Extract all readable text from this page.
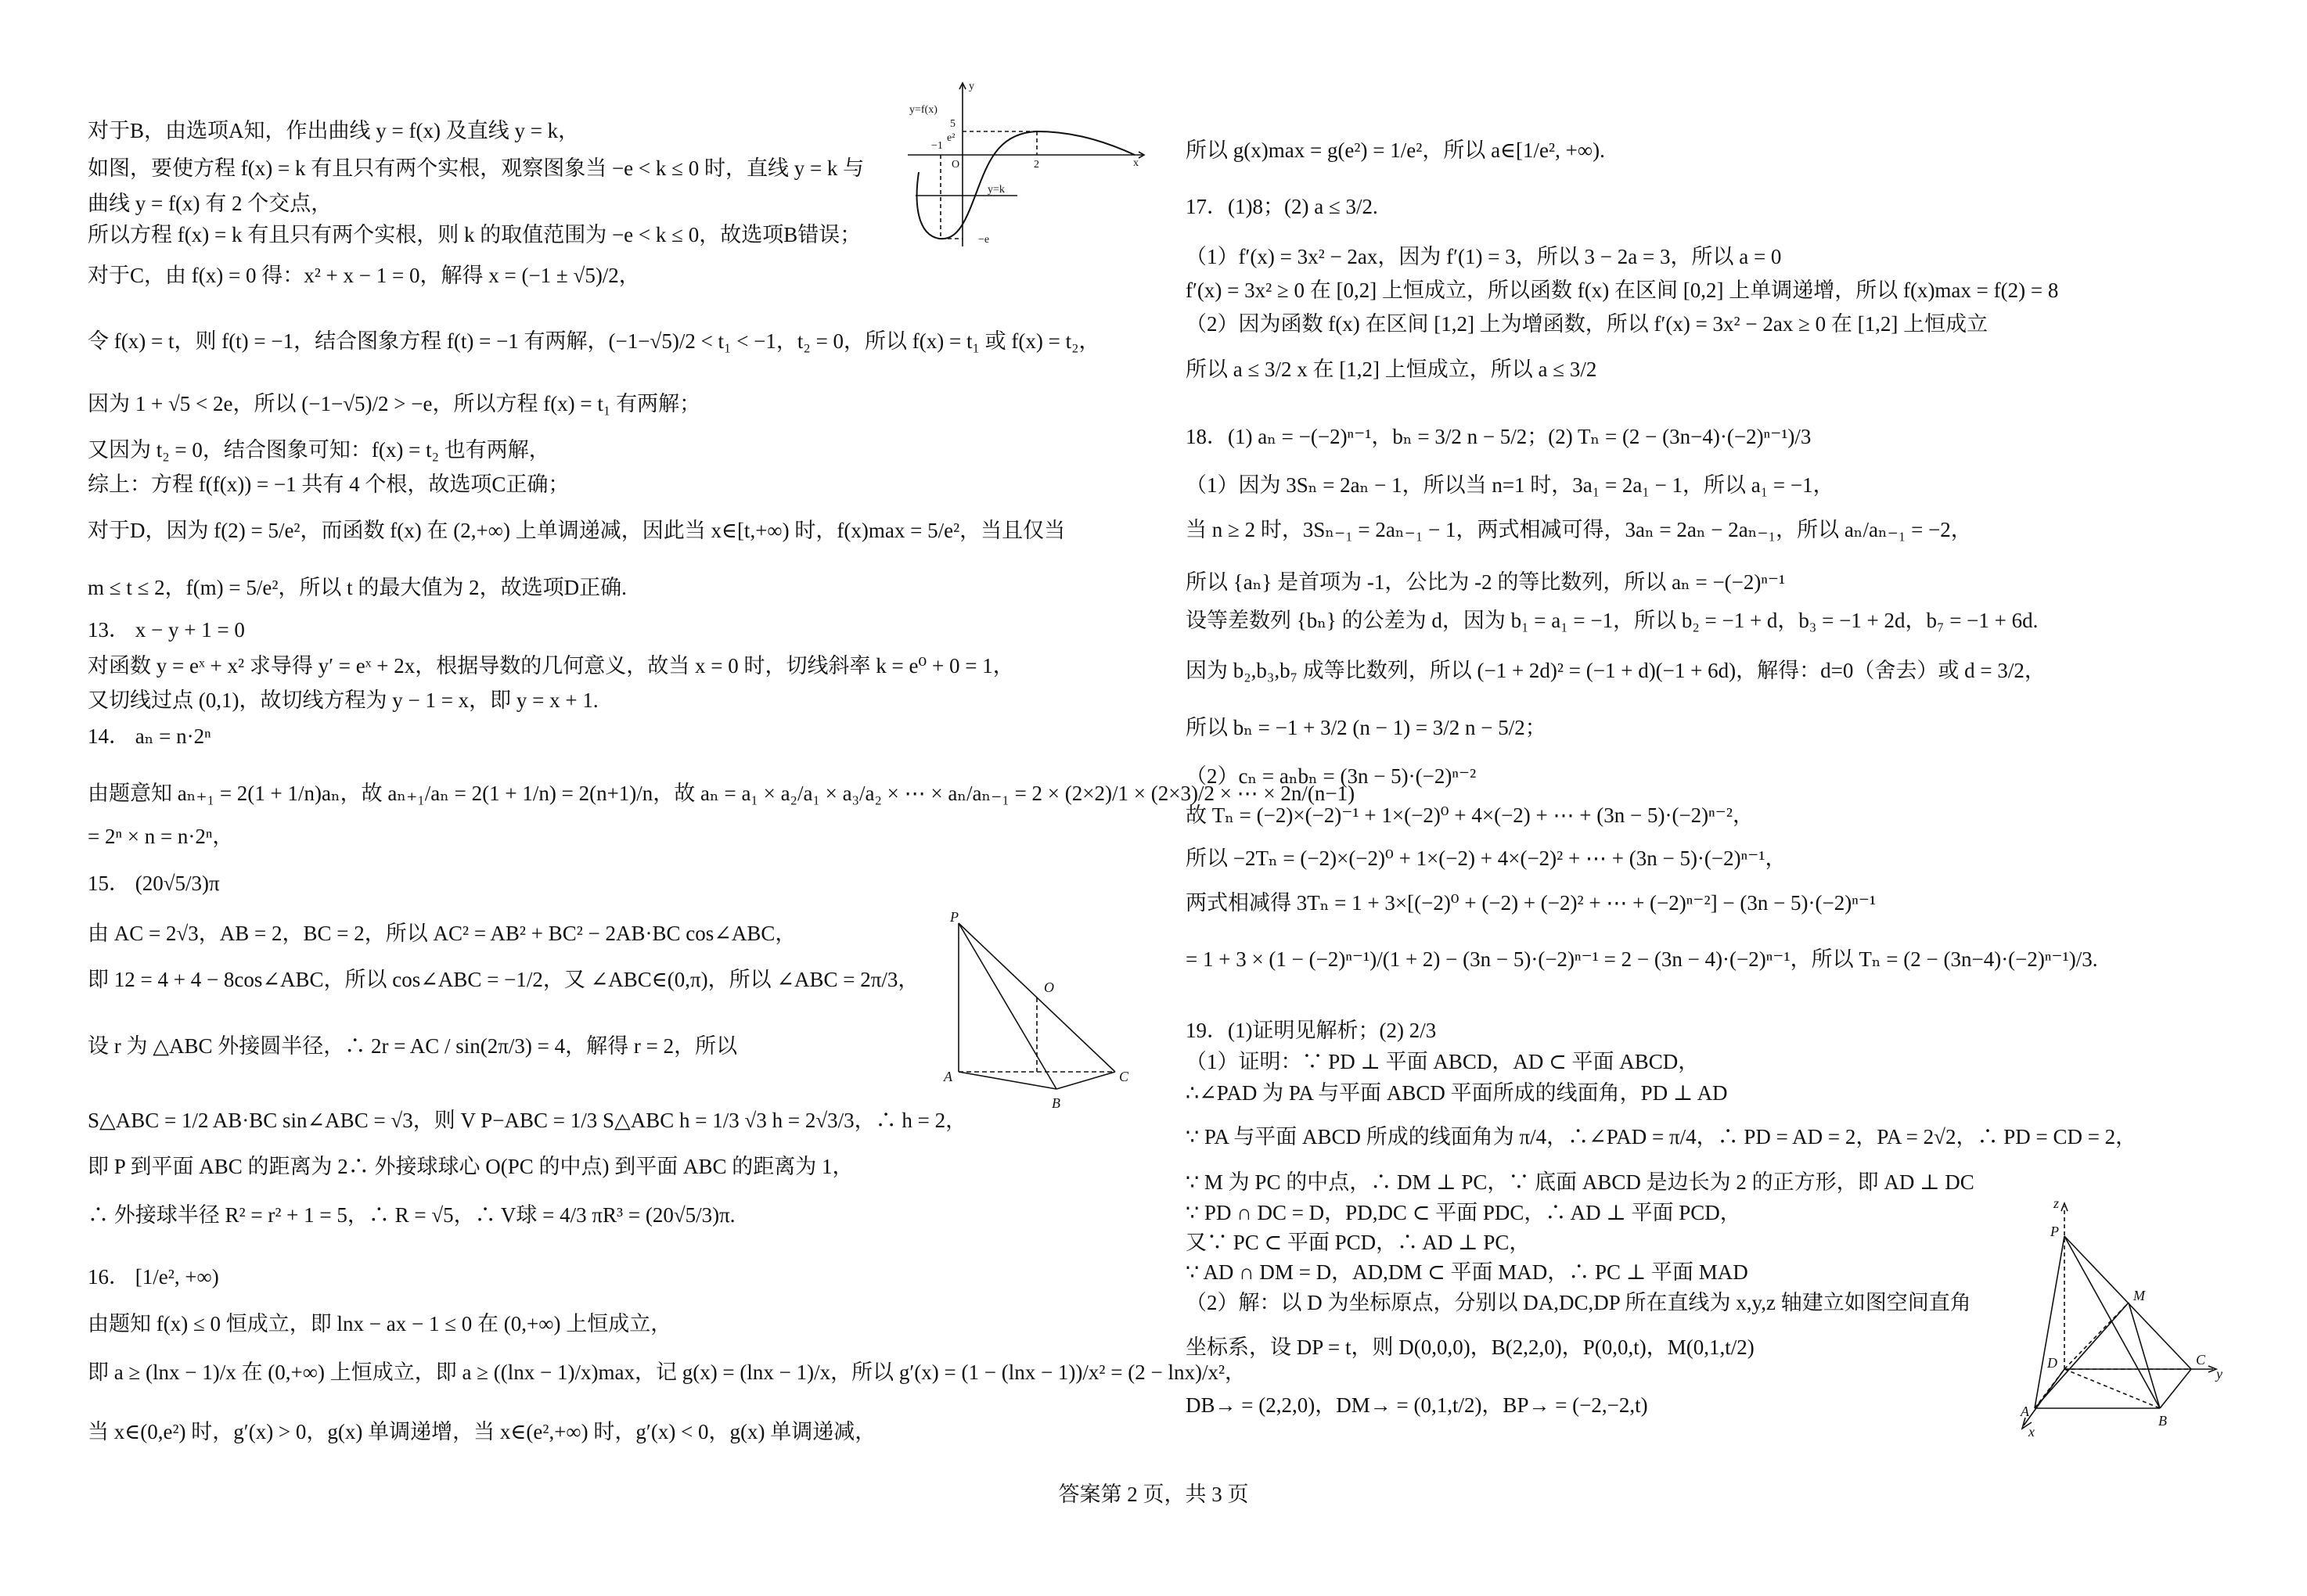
对于B，由选项A知，作出曲线 y = f(x) 及直线 y = k，
如图，要使方程 f(x) = k 有且只有两个实根，观察图象当 −e < k ≤ 0 时，直线 y = k 与
曲线 y = f(x) 有 2 个交点，
所以方程 f(x) = k 有且只有两个实根，则 k 的取值范围为 −e < k ≤ 0，故选项B错误；
对于C，由 f(x) = 0 得：x² + x − 1 = 0，解得 x = (−1 ± √5)/2，
令 f(x) = t，则 f(t) = −1，结合图象方程 f(t) = −1 有两解，(−1−√5)/2 < t₁ < −1，t₂ = 0，所以 f(x) = t₁ 或 f(x) = t₂，
因为 1 + √5 < 2e，所以 (−1−√5)/2 > −e，所以方程 f(x) = t₁ 有两解；
又因为 t₂ = 0，结合图象可知：f(x) = t₂ 也有两解，
综上：方程 f(f(x)) = −1 共有 4 个根，故选项C正确；
对于D，因为 f(2) = 5/e²，而函数 f(x) 在 (2,+∞) 上单调递减，因此当 x∈[t,+∞) 时，f(x)max = 5/e²，当且仅当
m ≤ t ≤ 2，f(m) = 5/e²，所以 t 的最大值为 2，故选项D正确.
13． x − y + 1 = 0
对函数 y = eˣ + x² 求导得 y′ = eˣ + 2x，根据导数的几何意义，故当 x = 0 时，切线斜率 k = e⁰ + 0 = 1，
又切线过点 (0,1)，故切线方程为 y − 1 = x，即 y = x + 1.
14． aₙ = n·2ⁿ
由题意知 aₙ₊₁ = 2(1 + 1/n)aₙ，故 aₙ₊₁/aₙ = 2(1 + 1/n) = 2(n+1)/n，故 aₙ = a₁ × a₂/a₁ × a₃/a₂ × ⋯ × aₙ/aₙ₋₁ = 2 × (2×2)/1 × (2×3)/2 × ⋯ × 2n/(n−1)
= 2ⁿ × n = n·2ⁿ，
15． (20√5/3)π
由 AC = 2√3，AB = 2，BC = 2，所以 AC² = AB² + BC² − 2AB·BC cos∠ABC，
即 12 = 4 + 4 − 8cos∠ABC，所以 cos∠ABC = −1/2，又 ∠ABC∈(0,π)，所以 ∠ABC = 2π/3，
设 r 为 △ABC 外接圆半径，∴ 2r = AC / sin(2π/3) = 4，解得 r = 2，所以
S△ABC = 1/2 AB·BC sin∠ABC = √3，则 V P−ABC = 1/3 S△ABC h = 1/3 √3 h = 2√3/3，∴ h = 2，
即 P 到平面 ABC 的距离为 2∴ 外接球球心 O(PC 的中点) 到平面 ABC 的距离为 1，
∴ 外接球半径 R² = r² + 1 = 5，∴ R = √5，∴ V球 = 4/3 πR³ = (20√5/3)π.
16． [1/e², +∞)
由题知 f(x) ≤ 0 恒成立，即 lnx − ax − 1 ≤ 0 在 (0,+∞) 上恒成立，
即 a ≥ (lnx − 1)/x 在 (0,+∞) 上恒成立，即 a ≥ ((lnx − 1)/x)max，记 g(x) = (lnx − 1)/x，所以 g′(x) = (1 − (lnx − 1))/x² = (2 − lnx)/x²，
当 x∈(0,e²) 时，g′(x) > 0，g(x) 单调递增，当 x∈(e²,+∞) 时，g′(x) < 0，g(x) 单调递减，
所以 g(x)max = g(e²) = 1/e²，所以 a∈[1/e², +∞).
17．(1)8；(2) a ≤ 3/2.
（1）f′(x) = 3x² − 2ax，因为 f′(1) = 3，所以 3 − 2a = 3，所以 a = 0
f′(x) = 3x² ≥ 0 在 [0,2] 上恒成立，所以函数 f(x) 在区间 [0,2] 上单调递增，所以 f(x)max = f(2) = 8
（2）因为函数 f(x) 在区间 [1,2] 上为增函数，所以 f′(x) = 3x² − 2ax ≥ 0 在 [1,2] 上恒成立
所以 a ≤ 3/2 x 在 [1,2] 上恒成立，所以 a ≤ 3/2
18．(1) aₙ = −(−2)ⁿ⁻¹，bₙ = 3/2 n − 5/2；(2) Tₙ = (2 − (3n−4)·(−2)ⁿ⁻¹)/3
（1）因为 3Sₙ = 2aₙ − 1，所以当 n=1 时，3a₁ = 2a₁ − 1，所以 a₁ = −1，
当 n ≥ 2 时，3Sₙ₋₁ = 2aₙ₋₁ − 1，两式相减可得，3aₙ = 2aₙ − 2aₙ₋₁，所以 aₙ/aₙ₋₁ = −2，
所以 {aₙ} 是首项为 -1，公比为 -2 的等比数列，所以 aₙ = −(−2)ⁿ⁻¹
设等差数列 {bₙ} 的公差为 d，因为 b₁ = a₁ = −1，所以 b₂ = −1 + d，b₃ = −1 + 2d，b₇ = −1 + 6d.
因为 b₂,b₃,b₇ 成等比数列，所以 (−1 + 2d)² = (−1 + d)(−1 + 6d)，解得：d=0（舍去）或 d = 3/2，
所以 bₙ = −1 + 3/2 (n − 1) = 3/2 n − 5/2；
（2）cₙ = aₙbₙ = (3n − 5)·(−2)ⁿ⁻²
故 Tₙ = (−2)×(−2)⁻¹ + 1×(−2)⁰ + 4×(−2) + ⋯ + (3n − 5)·(−2)ⁿ⁻²，
所以 −2Tₙ = (−2)×(−2)⁰ + 1×(−2) + 4×(−2)² + ⋯ + (3n − 5)·(−2)ⁿ⁻¹，
两式相减得 3Tₙ = 1 + 3×[(−2)⁰ + (−2) + (−2)² + ⋯ + (−2)ⁿ⁻²] − (3n − 5)·(−2)ⁿ⁻¹
= 1 + 3 × (1 − (−2)ⁿ⁻¹)/(1 + 2) − (3n − 5)·(−2)ⁿ⁻¹ = 2 − (3n − 4)·(−2)ⁿ⁻¹，所以 Tₙ = (2 − (3n−4)·(−2)ⁿ⁻¹)/3.
19．(1)证明见解析；(2) 2/3
（1）证明：∵ PD ⊥ 平面 ABCD，AD ⊂ 平面 ABCD，
∴∠PAD 为 PA 与平面 ABCD 平面所成的线面角，PD ⊥ AD
∵ PA 与平面 ABCD 所成的线面角为 π/4，∴∠PAD = π/4，∴ PD = AD = 2，PA = 2√2，∴ PD = CD = 2，
∵ M 为 PC 的中点，∴ DM ⊥ PC，∵ 底面 ABCD 是边长为 2 的正方形，即 AD ⊥ DC
∵ PD ∩ DC = D，PD,DC ⊂ 平面 PDC，∴ AD ⊥ 平面 PCD，
又∵ PC ⊂ 平面 PCD，∴ AD ⊥ PC，
∵ AD ∩ DM = D，AD,DM ⊂ 平面 MAD，∴ PC ⊥ 平面 MAD
（2）解：以 D 为坐标原点，分别以 DA,DC,DP 所在直线为 x,y,z 轴建立如图空间直角
坐标系，设 DP = t，则 D(0,0,0)，B(2,2,0)，P(0,0,t)，M(0,1,t/2)
DB→ = (2,2,0)，DM→ = (0,1,t/2)，BP→ = (−2,−2,t)
y
y=f(x)
5
e²
−1
O	2	x
y=k
−e
P
O
A
B
C
z
P
M
D	C
y
A
B
x
答案第 2 页，共 3 页
